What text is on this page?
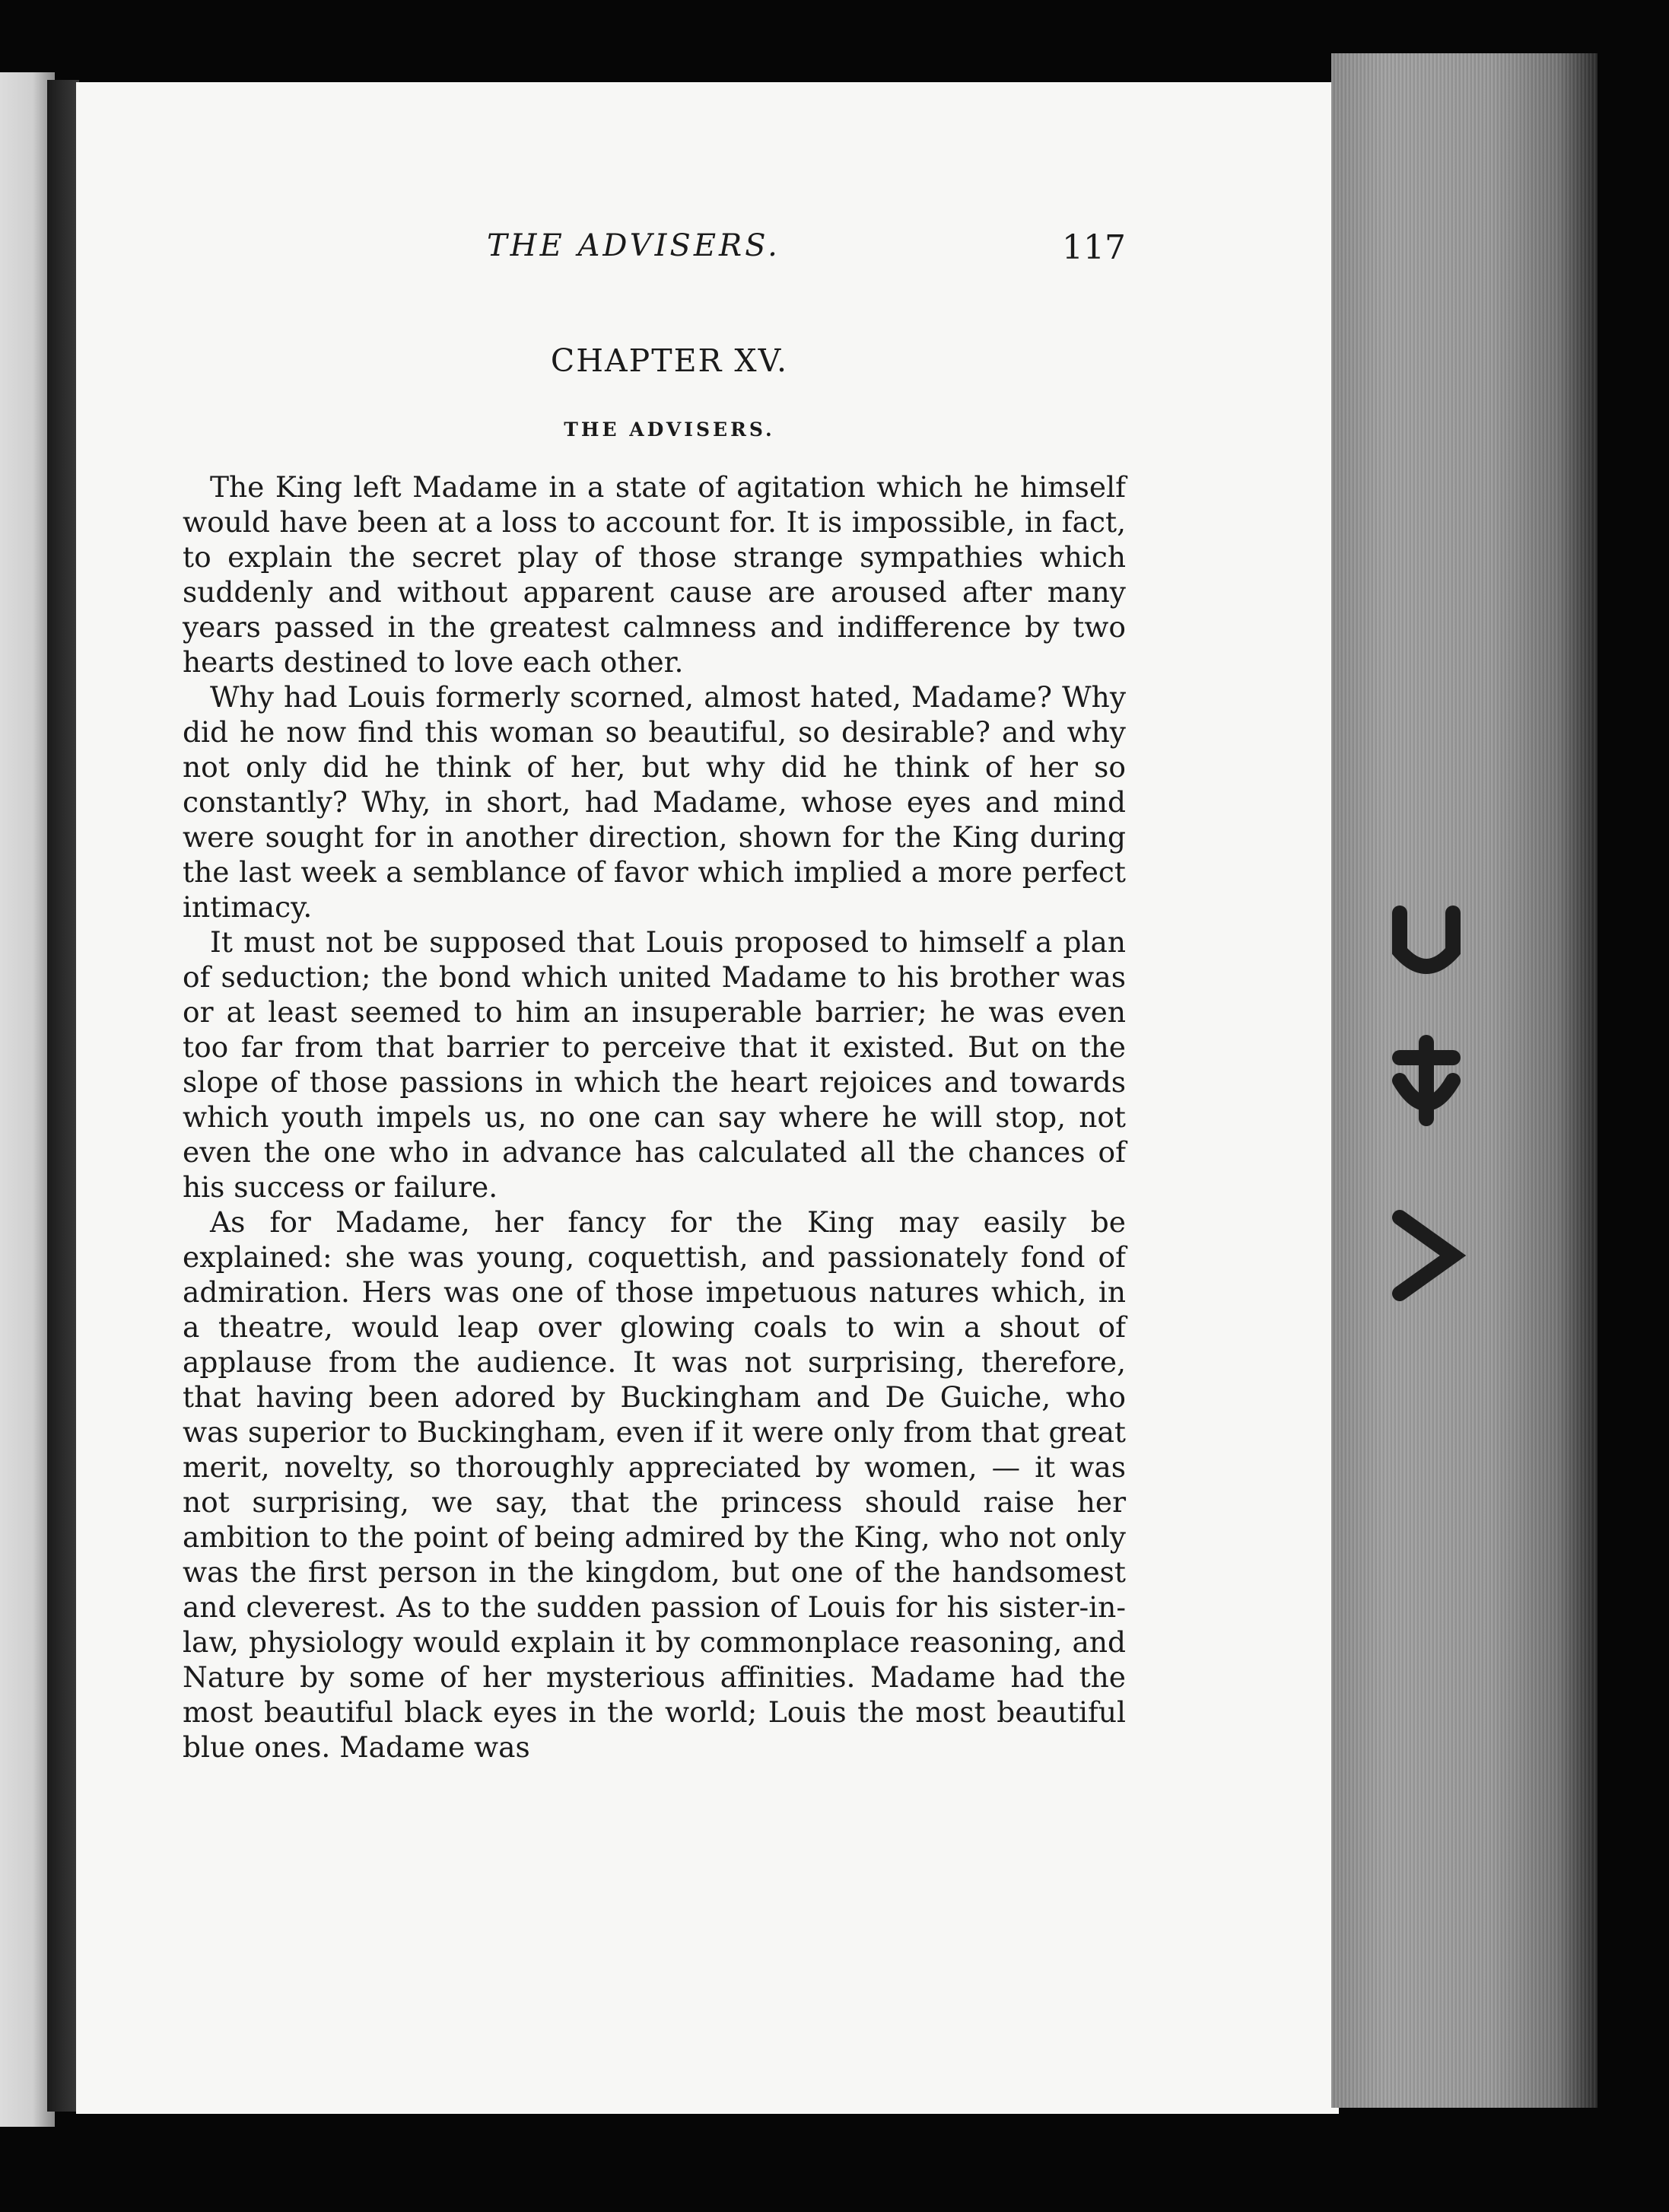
THE ADVISERS.	117
CHAPTER XV.
THE ADVISERS.

The King left Madame in a state of agitation which he himself would have been at a loss to account for. It is impossible, in fact, to explain the secret play of those strange sympathies which suddenly and without apparent cause are aroused after many years passed in the greatest calmness and indifference by two hearts destined to love each other.

Why had Louis formerly scorned, almost hated, Madame? Why did he now find this woman so beautiful, so desirable? and why not only did he think of her, but why did he think of her so constantly? Why, in short, had Madame, whose eyes and mind were sought for in another direction, shown for the King during the last week a semblance of favor which implied a more perfect intimacy.

It must not be supposed that Louis proposed to himself a plan of seduction; the bond which united Madame to his brother was or at least seemed to him an insuperable barrier; he was even too far from that barrier to perceive that it existed. But on the slope of those passions in which the heart rejoices and towards which youth impels us, no one can say where he will stop, not even the one who in advance has calculated all the chances of his success or failure.

As for Madame, her fancy for the King may easily be explained: she was young, coquettish, and passionately fond of admiration. Hers was one of those impetuous natures which, in a theatre, would leap over glowing coals to win a shout of applause from the audience. It was not surprising, therefore, that having been adored by Buckingham and De Guiche, who was superior to Buckingham, even if it were only from that great merit, novelty, so thoroughly appreciated by women, — it was not surprising, we say, that the princess should raise her ambition to the point of being admired by the King, who not only was the first person in the kingdom, but one of the handsomest and cleverest. As to the sudden passion of Louis for his sister-in-law, physiology would explain it by commonplace reasoning, and Nature by some of her mysterious affinities. Madame had the most beautiful black eyes in the world; Louis the most beautiful blue ones. Madame was
